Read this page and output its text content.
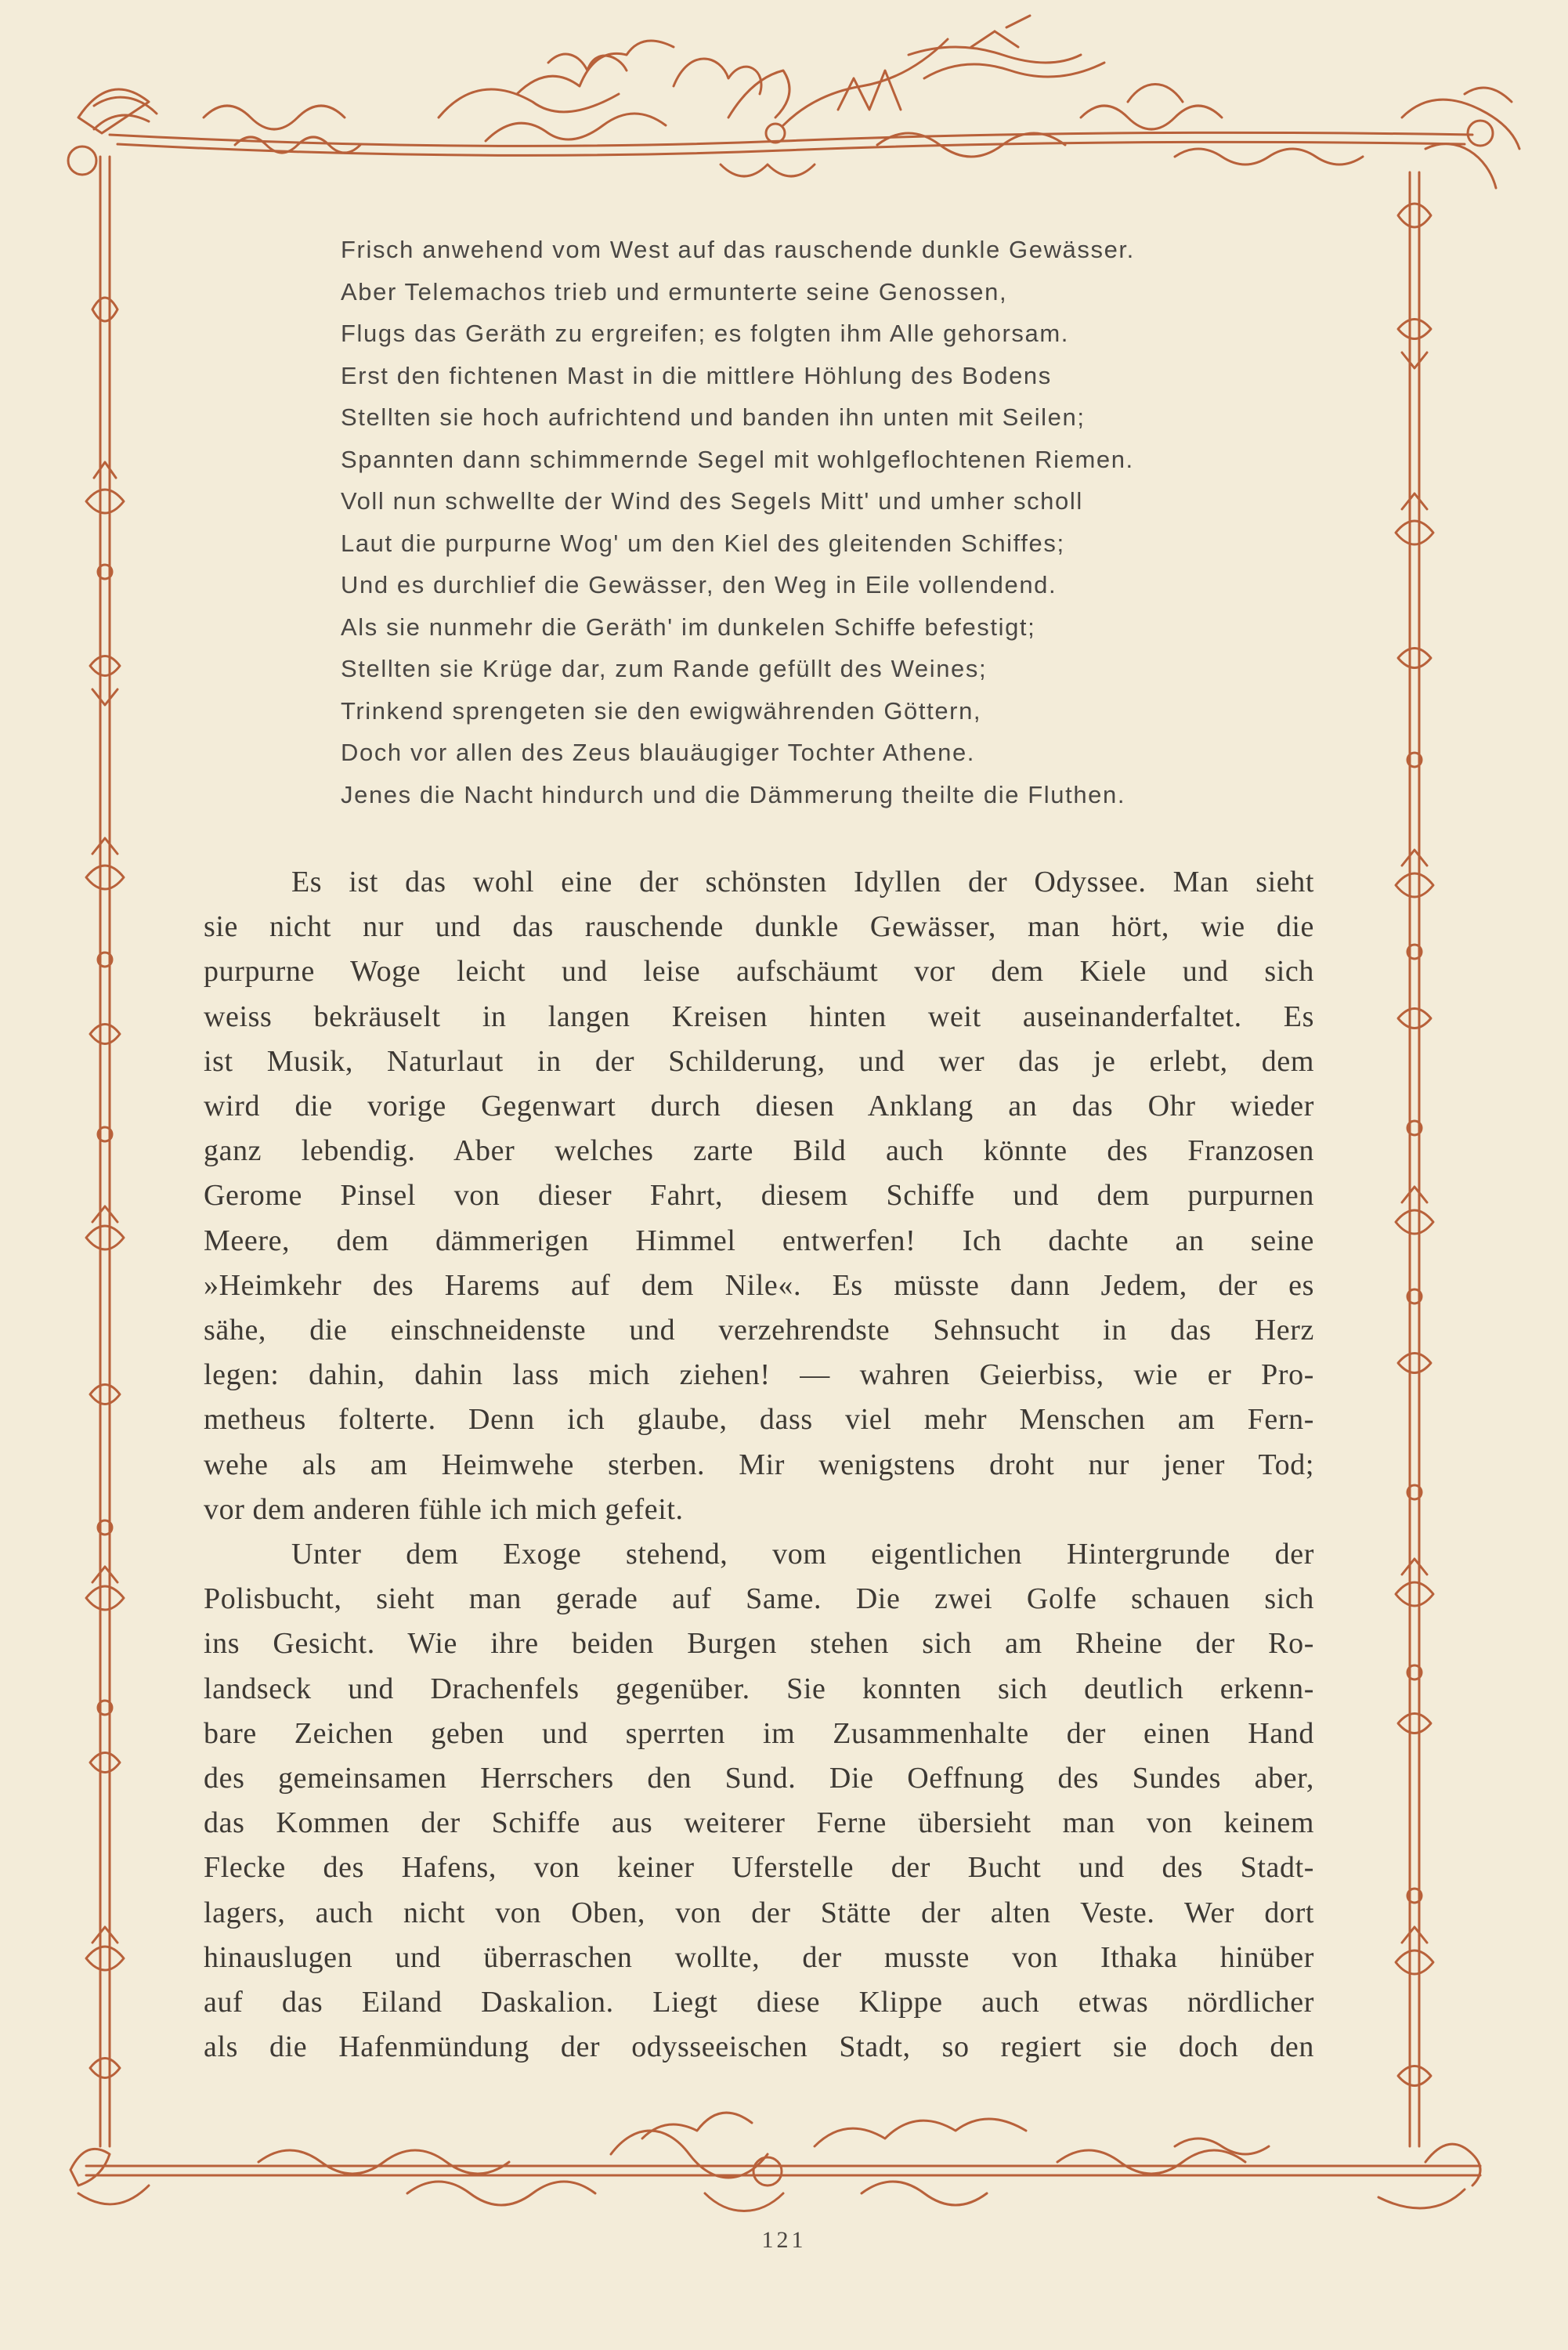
Frisch anwehend vom West auf das rauschende dunkle Gewässer.
Aber Telemachos trieb und ermunterte seine Genossen,
Flugs das Geräth zu ergreifen; es folgten ihm Alle gehorsam.
Erst den fichtenen Mast in die mittlere Höhlung des Bodens
Stellten sie hoch aufrichtend und banden ihn unten mit Seilen;
Spannten dann schimmernde Segel mit wohlgeflochtenen Riemen.
Voll nun schwellte der Wind des Segels Mitt' und umher scholl
Laut die purpurne Wog' um den Kiel des gleitenden Schiffes;
Und es durchlief die Gewässer, den Weg in Eile vollendend.
Als sie nunmehr die Geräth' im dunkelen Schiffe befestigt;
Stellten sie Krüge dar, zum Rande gefüllt des Weines;
Trinkend sprengeten sie den ewigwährenden Göttern,
Doch vor allen des Zeus blauäugiger Tochter Athene.
Jenes die Nacht hindurch und die Dämmerung theilte die Fluthen.

Es ist das wohl eine der schönsten Idyllen der Odyssee. Man sieht
sie nicht nur und das rauschende dunkle Gewässer, man hört, wie die
purpurne Woge leicht und leise aufschäumt vor dem Kiele und sich
weiss bekräuselt in langen Kreisen hinten weit auseinanderfaltet. Es
ist Musik, Naturlaut in der Schilderung, und wer das je erlebt, dem
wird die vorige Gegenwart durch diesen Anklang an das Ohr wieder
ganz lebendig. Aber welches zarte Bild auch könnte des Franzosen
Gerome Pinsel von dieser Fahrt, diesem Schiffe und dem purpurnen
Meere, dem dämmerigen Himmel entwerfen! Ich dachte an seine
»Heimkehr des Harems auf dem Nile«. Es müsste dann Jedem, der es
sähe, die einschneidenste und verzehrendste Sehnsucht in das Herz
legen: dahin, dahin lass mich ziehen! — wahren Geierbiss, wie er Pro-
metheus folterte. Denn ich glaube, dass viel mehr Menschen am Fern-
wehe als am Heimwehe sterben. Mir wenigstens droht nur jener Tod;
vor dem anderen fühle ich mich gefeit.

Unter dem Exoge stehend, vom eigentlichen Hintergrunde der
Polisbucht, sieht man gerade auf Same. Die zwei Golfe schauen sich
ins Gesicht. Wie ihre beiden Burgen stehen sich am Rheine der Ro-
landseck und Drachenfels gegenüber. Sie konnten sich deutlich erkenn-
bare Zeichen geben und sperrten im Zusammenhalte der einen Hand
des gemeinsamen Herrschers den Sund. Die Oeffnung des Sundes aber,
das Kommen der Schiffe aus weiterer Ferne übersieht man von keinem
Flecke des Hafens, von keiner Uferstelle der Bucht und des Stadt-
lagers, auch nicht von Oben, von der Stätte der alten Veste. Wer dort
hinauslugen und überraschen wollte, der musste von Ithaka hinüber
auf das Eiland Daskalion. Liegt diese Klippe auch etwas nördlicher
als die Hafenmündung der odysseeischen Stadt, so regiert sie doch den

121
